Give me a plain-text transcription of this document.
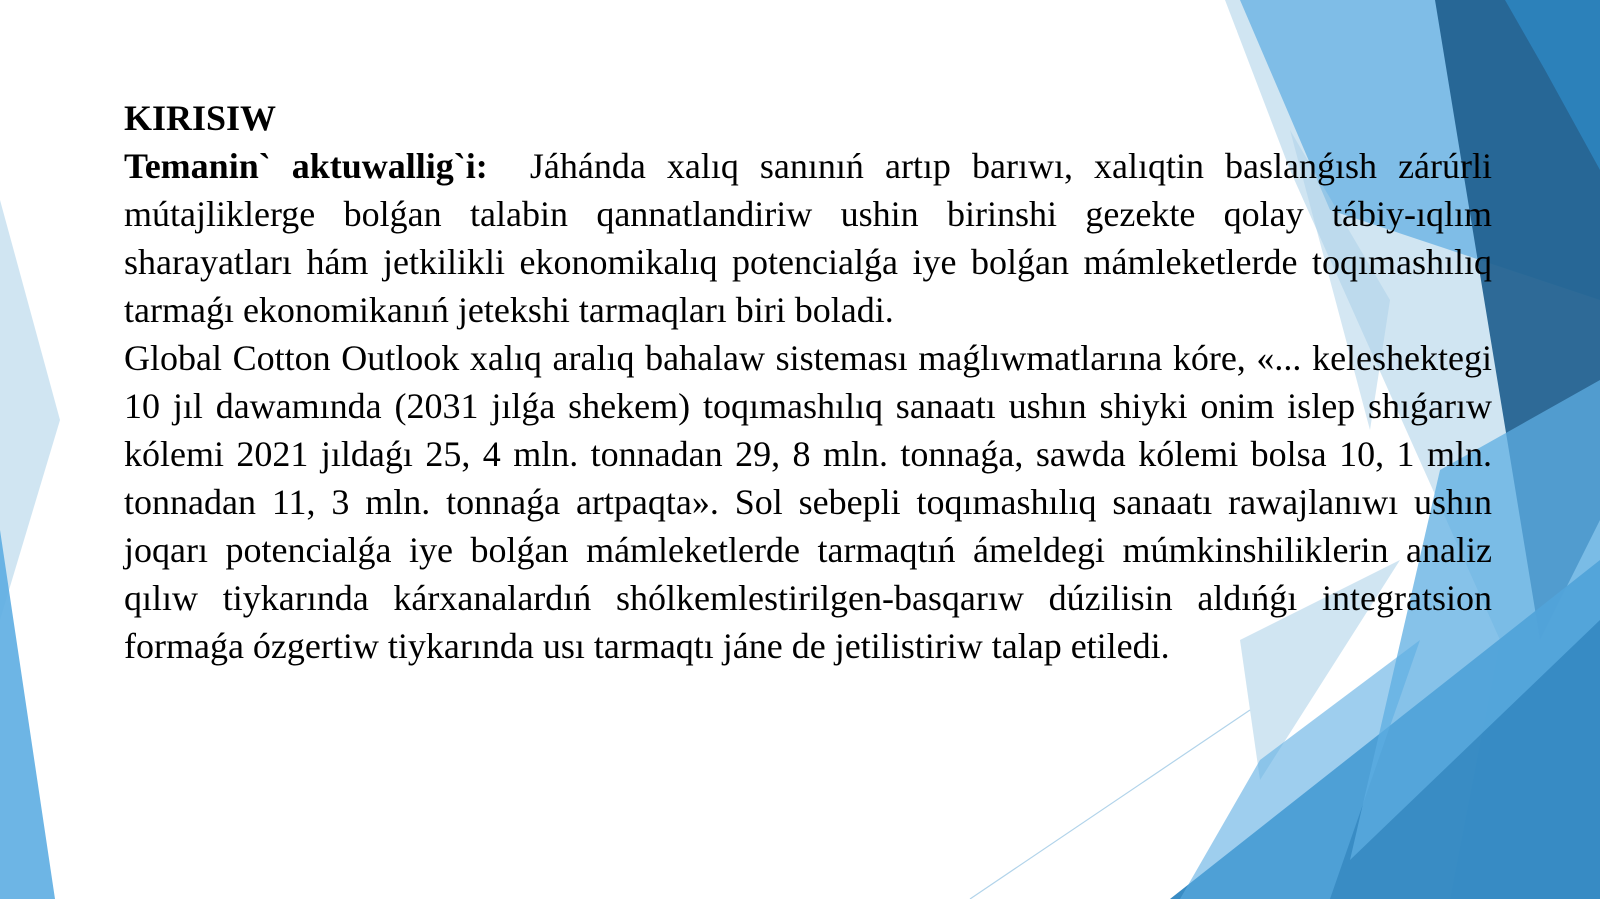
KIRISIW

Temanin` aktuwallig`i: Jáhánda xalıq sanınıń artıp barıwı, xalıqtin baslanǵısh zárúrli mútajliklerge bolǵan talabin qannatlandiriw ushin birinshi gezekte qolay tábiy-ıqlım sharayatları hám jetkilikli ekonomikalıq potencialǵa iye bolǵan mámleketlerde toqımashılıq tarmaǵı ekonomikanıń jetekshi tarmaqları biri boladi.

Global Cotton Outlook xalıq aralıq bahalaw sisteması maǵlıwmatlarına kóre, «... keleshektegi 10 jıl dawamında (2031 jılǵa shekem) toqımashılıq sanaatı ushın shiyki onim islep shıǵarıw kólemi 2021 jıldaǵı 25, 4 mln. tonnadan 29, 8 mln. tonnaǵa, sawda kólemi bolsa 10, 1 mln. tonnadan 11, 3 mln. tonnaǵa artpaqta». Sol sebepli toqımashılıq sanaatı rawajlanıwı ushın joqarı potencialǵa iye bolǵan mámleketlerde tarmaqtıń ámeldegi múmkinshiliklerin analiz qılıw tiykarında kárxanalardıń shólkemlestirilgen-basqarıw dúzilisin aldıńǵı integratsion formaǵa ózgertiw tiykarında usı tarmaqtı jáne de jetilistiriw talap etiledi.
